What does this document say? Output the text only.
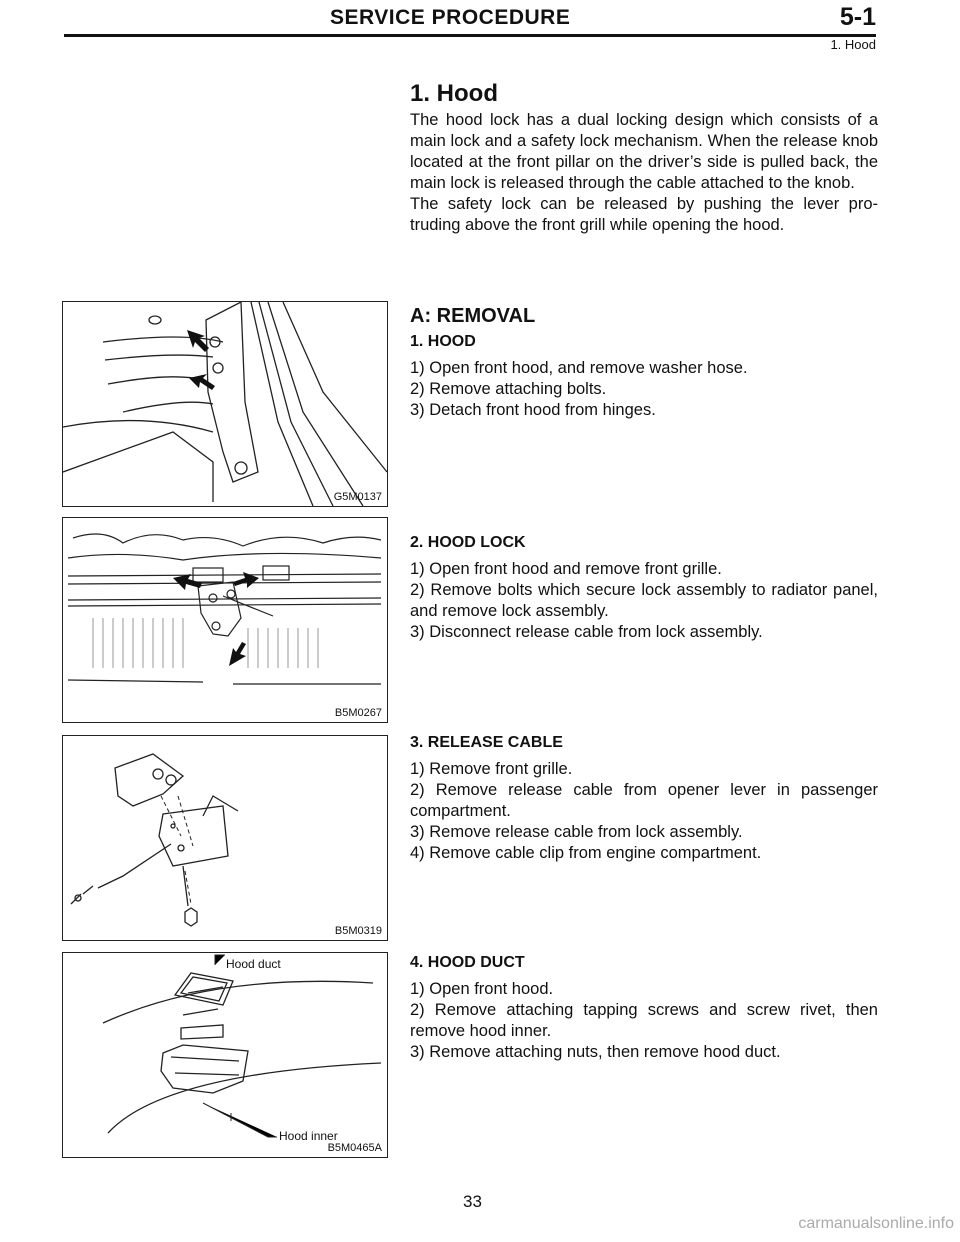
SERVICE PROCEDURE	5-1
1. Hood
1. Hood

The hood lock has a dual locking design which consists of a main lock and a safety lock mechanism. When the release knob located at the front pillar on the driver’s side is pulled back, the main lock is released through the cable attached to the knob.

The safety lock can be released by pushing the lever pro- truding above the front grill while opening the hood.

A: REMOVAL
G5M0137
1. HOOD

1) Open front hood, and remove washer hose.

2) Remove attaching bolts.

3) Detach front hood from hinges.

B5M0267
2. HOOD LOCK

1) Open front hood and remove front grille.

2) Remove bolts which secure lock assembly to radiator panel, and remove lock assembly.

3) Disconnect release cable from lock assembly.

B5M0319
3. RELEASE CABLE

1) Remove front grille.

2) Remove release cable from opener lever in passenger compartment.

3) Remove release cable from lock assembly.

4) Remove cable clip from engine compartment.

Hood duct
Hood inner
B5M0465A
4. HOOD DUCT

1) Open front hood.

2) Remove attaching tapping screws and screw rivet, then remove hood inner.

3) Remove attaching nuts, then remove hood duct.

33
carmanualsonline.info
